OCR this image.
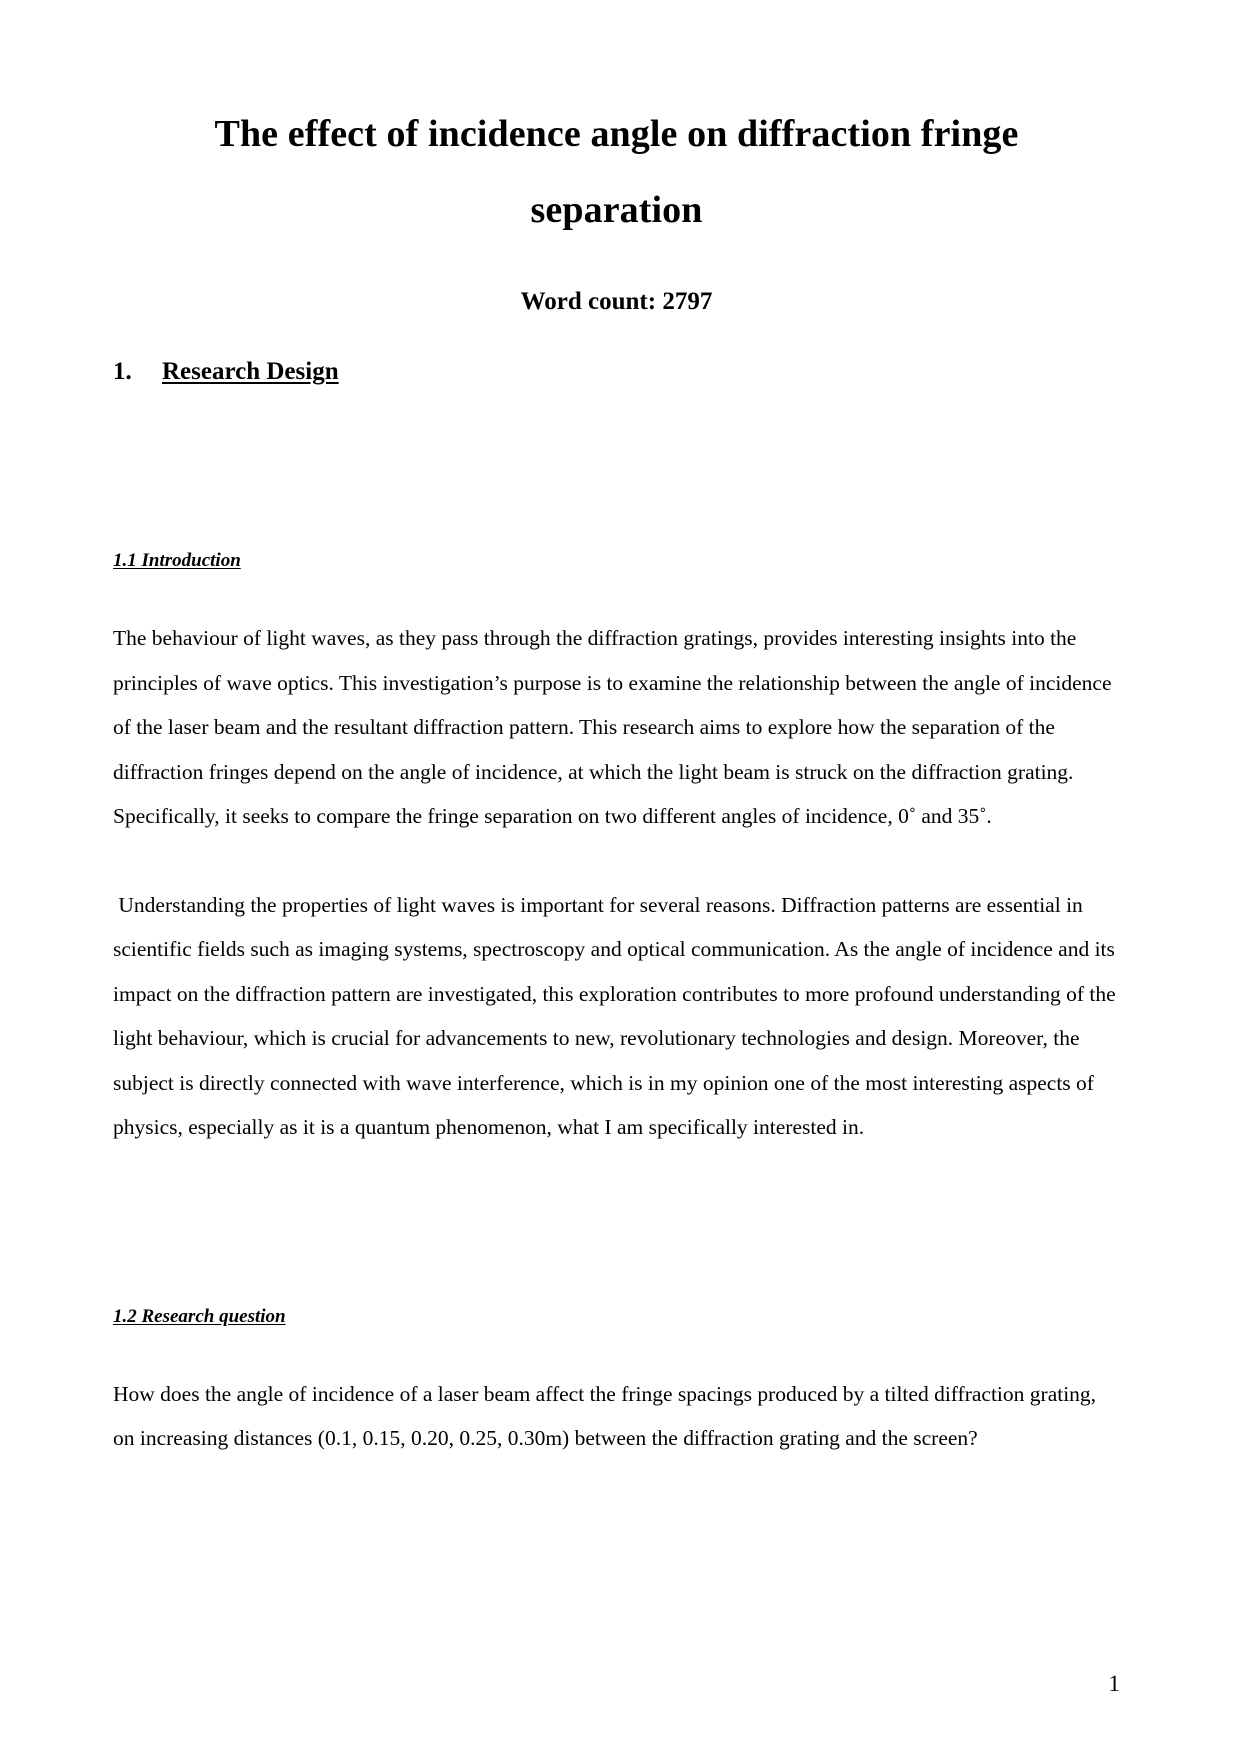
The effect of incidence angle on diffraction fringe separation

Word count: 2797

1.	Research Design
1.1 Introduction

The behaviour of light waves, as they pass through the diffraction gratings, provides interesting insights into the principles of wave optics. This investigation’s purpose is to examine the relationship between the angle of incidence of the laser beam and the resultant diffraction pattern. This research aims to explore how the separation of the diffraction fringes depend on the angle of incidence, at which the light beam is struck on the diffraction grating. Specifically, it seeks to compare the fringe separation on two different angles of incidence, 0˚ and 35˚.

Understanding the properties of light waves is important for several reasons. Diffraction patterns are essential in scientific fields such as imaging systems, spectroscopy and optical communication. As the angle of incidence and its impact on the diffraction pattern are investigated, this exploration contributes to more profound understanding of the light behaviour, which is crucial for advancements to new, revolutionary technologies and design. Moreover, the subject is directly connected with wave interference, which is in my opinion one of the most interesting aspects of physics, especially as it is a quantum phenomenon, what I am specifically interested in.

1.2 Research question

How does the angle of incidence of a laser beam affect the fringe spacings produced by a tilted diffraction grating, on increasing distances (0.1, 0.15, 0.20, 0.25, 0.30m) between the diffraction grating and the screen?

1
